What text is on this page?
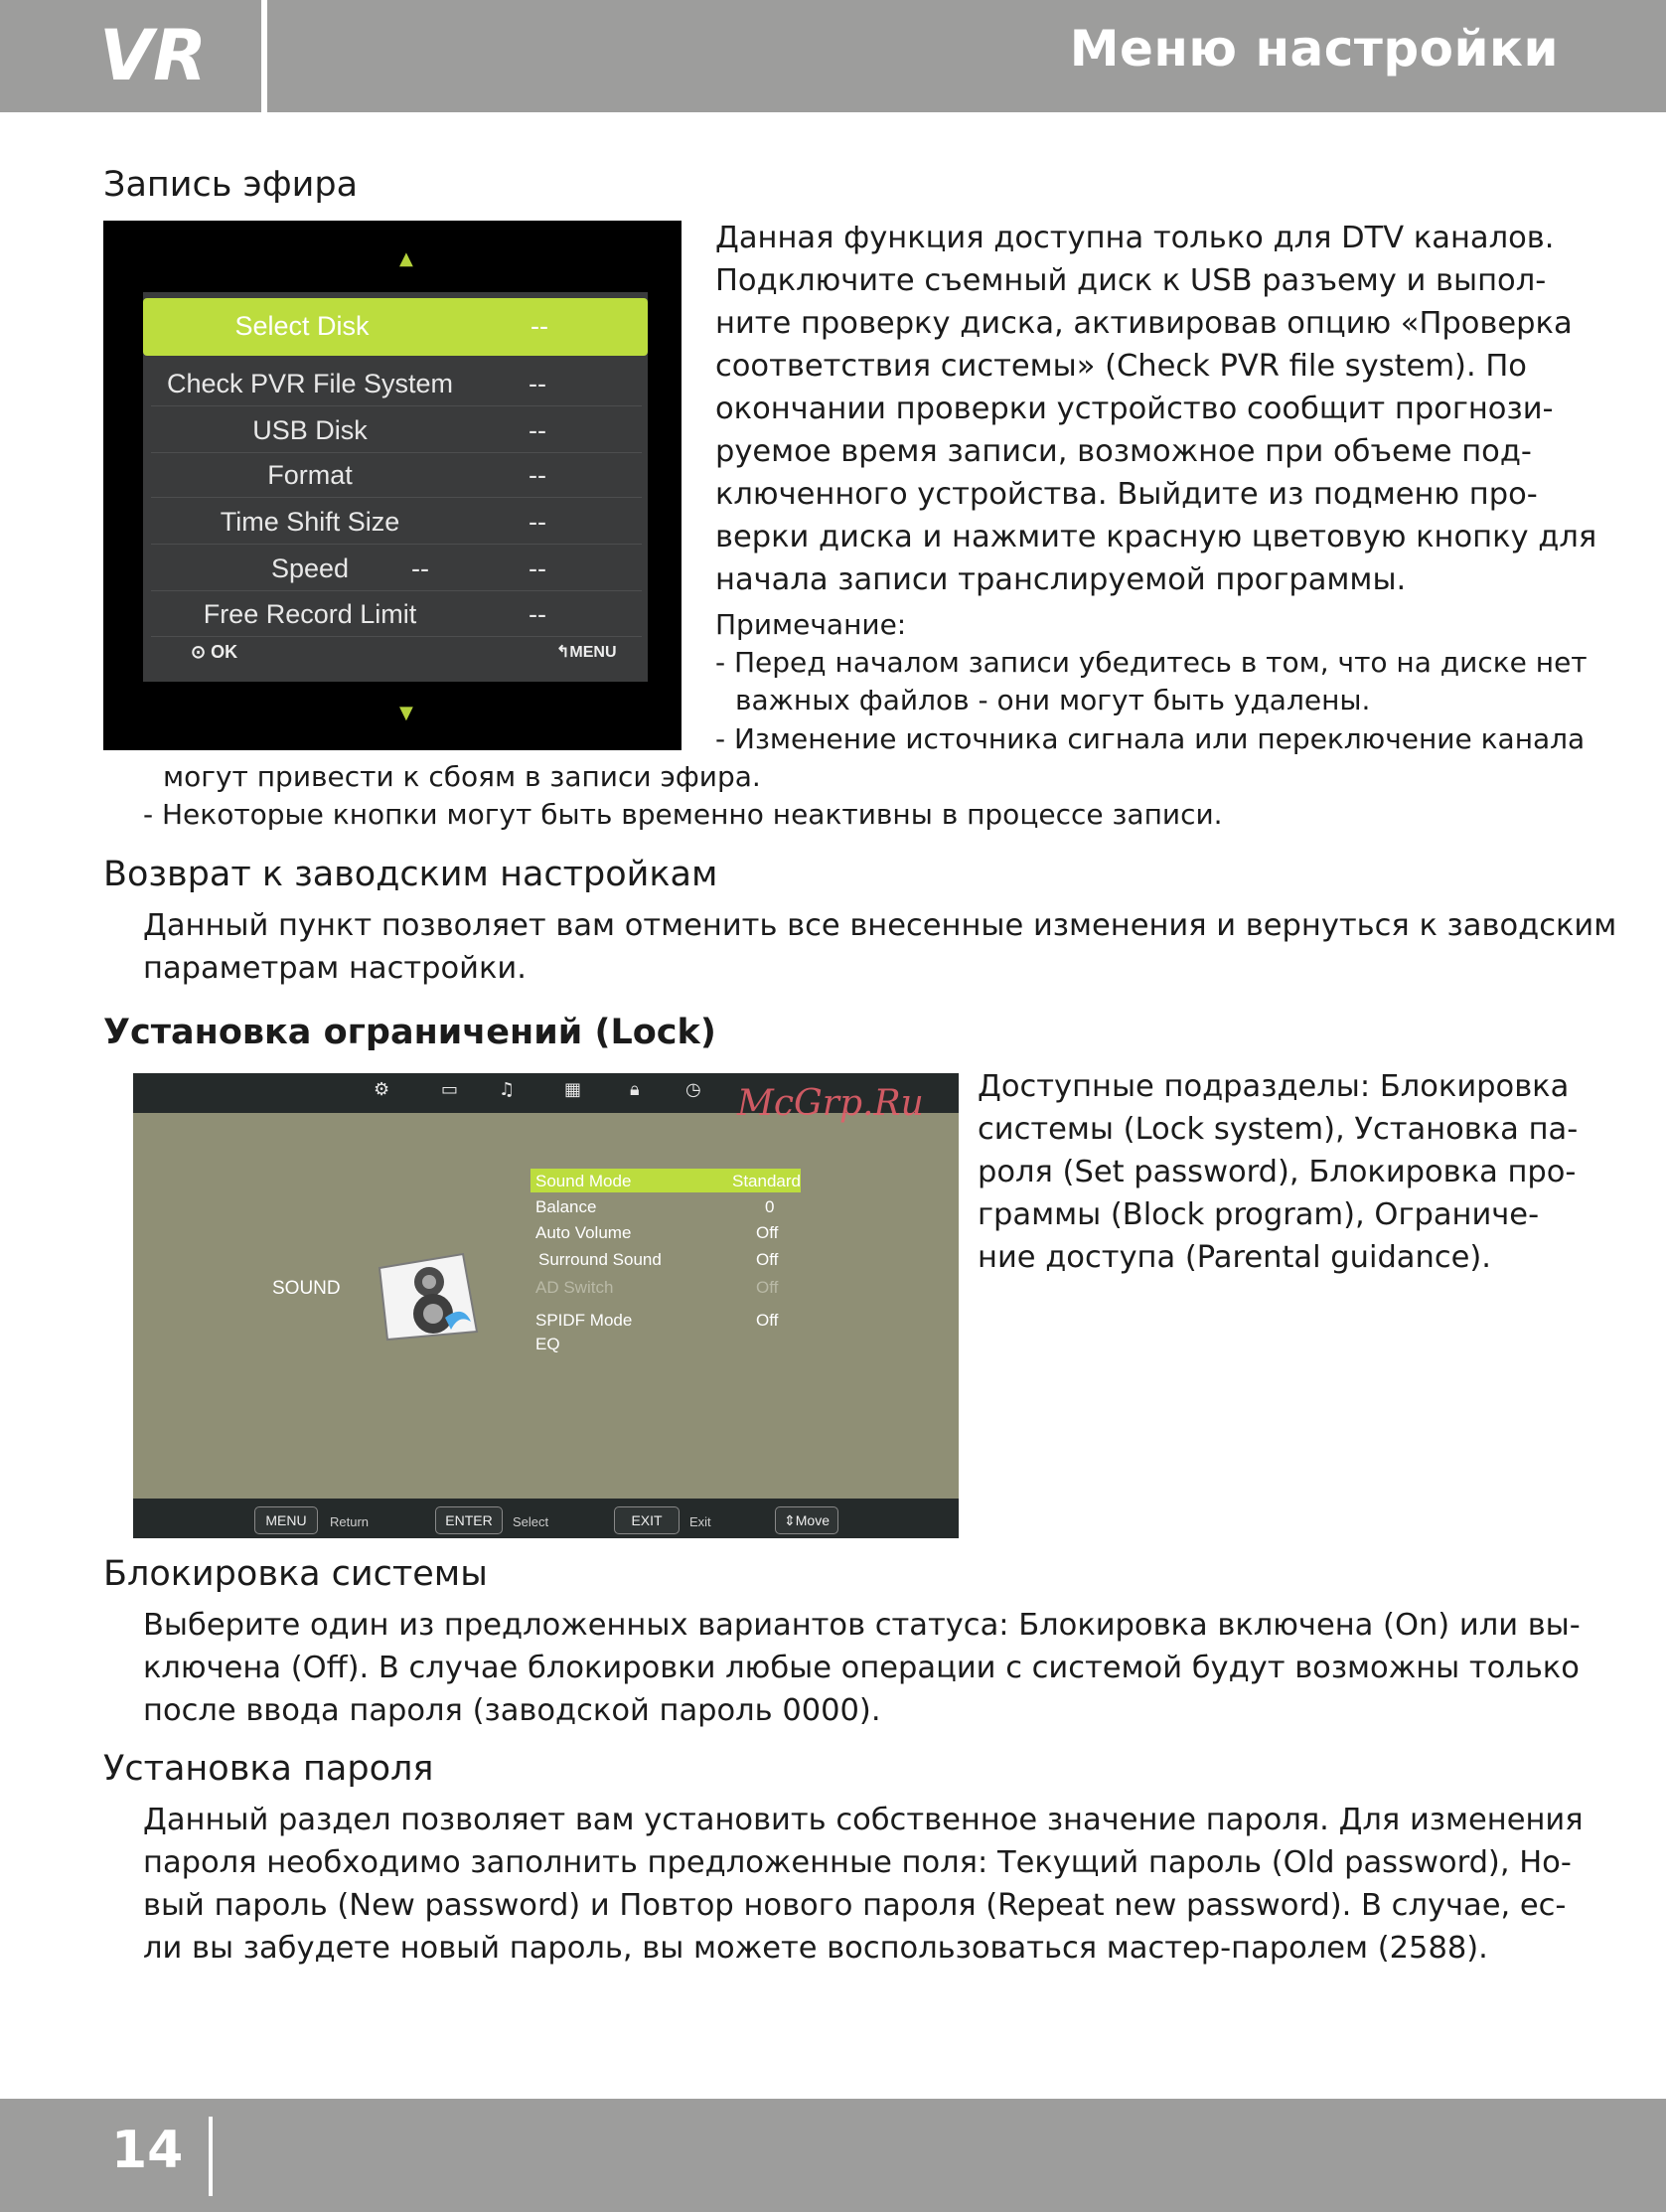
VR	Меню настройки
Запись эфира
▲
Select Disk	--
Check PVR File System	--
USB Disk	--
Format	--
Time Shift Size	--
Speed	--	--
Free Record Limit	--
⊙ OK	↰MENU
▼
Данная функция доступна только для DTV каналов.
Подключите съемный диск к USB разъему и выпол-
ните проверку диска, активировав опцию «Проверка
соответствия системы» (Check PVR file system). По
окончании проверки устройство сообщит прогнози-
руемое время записи, возможное при объеме под-
ключенного устройства. Выйдите из подменю про-
верки диска и нажмите красную цветовую кнопку для
начала записи транслируемой программы.
Примечание:
- Перед началом записи убедитесь в том, что на диске нет
важных файлов - они могут быть удалены.
- Изменение источника сигнала или переключение канала
могут привести к сбоям в записи эфира.
- Некоторые кнопки могут быть временно неактивны в процессе записи.
Возврат к заводским настройкам
Данный пункт позволяет вам отменить все внесенные изменения и вернуться к заводским
параметрам настройки.
Установка ограничений (Lock)
⚙	▭ ♫	▦	🔒︎	◷ McGrp.Ru
SOUND
Sound Mode	Standard
Balance	0
Auto Volume	Off
Surround Sound	Off
AD Switch	Off
SPIDF Mode	Off
EQ
MENU	Return	ENTER	Select	EXIT	Exit	⇕Move
Доступные подразделы: Блокировка
системы (Lock system), Установка па-
роля (Set password), Блокировка про-
граммы (Block program), Ограниче-
ние доступа (Parental guidance).
Блокировка системы
Выберите один из предложенных вариантов статуса: Блокировка включена (On) или вы-
ключена (Off). В случае блокировки любые операции с системой будут возможны только
после ввода пароля (заводской пароль 0000).
Установка пароля
Данный раздел позволяет вам установить собственное значение пароля. Для изменения
пароля необходимо заполнить предложенные поля: Текущий пароль (Old password), Но-
вый пароль (New password) и Повтор нового пароля (Repeat new password). В случае, ес-
ли вы забудете новый пароль, вы можете воспользоваться мастер-паролем (2588).
14
